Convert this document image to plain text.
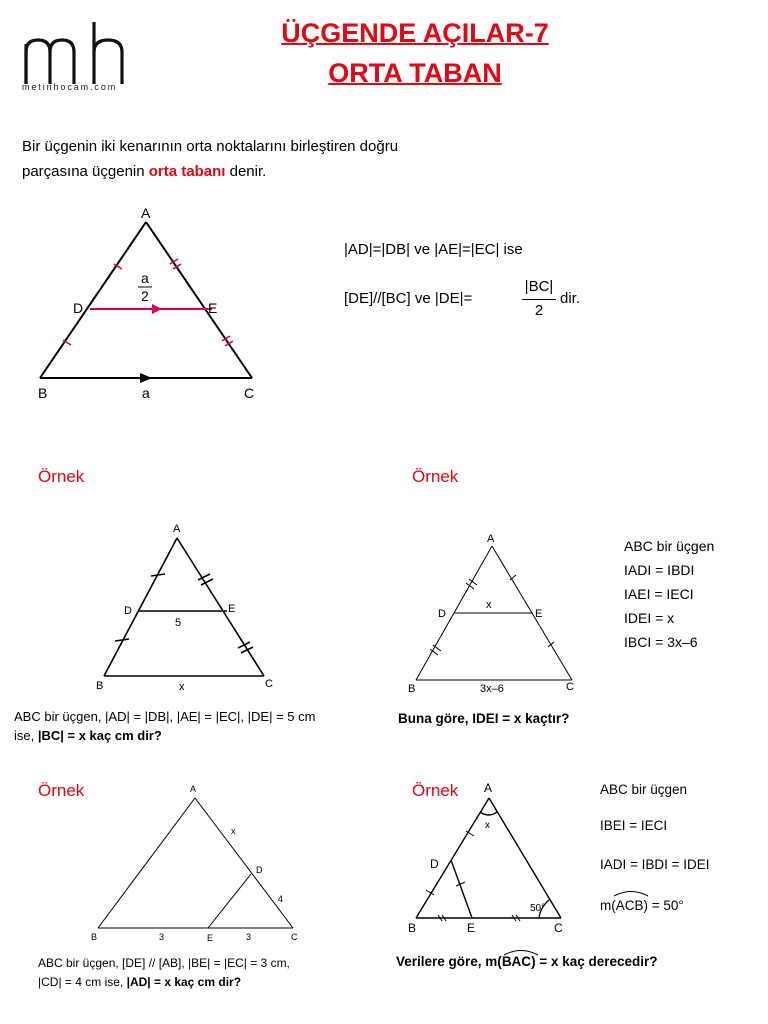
metinhocam.com
ÜÇGENDE AÇILAR-7
ORTA TABAN
Bir üçgenin iki kenarının orta noktalarını birleştiren doğru
parçasına üçgenin orta tabanı denir.
A
B	C
D	E
a
a
2
|AD|=|DB| ve |AE|=|EC| ise
[DE]//[BC] ve |DE|=
|BC|
2
dir.
Örnek	Örnek
Örnek	Örnek
A
B	C
D	E
5
x
ABC bir üçgen, |AD| = |DB|, |AE| = |EC|, |DE| = 5 cm
ise, |BC| = x kaç cm dir?
A
B	C
D	E
x
3x–6
ABC bir üçgen
IADI = IBDI
IAEI = IECI
IDEI = x
IBCI = 3x–6
Buna göre, IDEI = x kaçtır?
A
B	C
D
E
x
4
3	3
ABC bir üçgen, [DE] // [AB], |BE| = |EC| = 3 cm,
|CD| = 4 cm ise, |AD| = x kaç cm dir?
A
B	C
D
E
x
50°
ABC bir üçgen
IBEI = IECI
IADI = IBDI = IDEI
m(ACB) = 50°
Verilere göre, m(
BAC) = x kaç derecedir?
